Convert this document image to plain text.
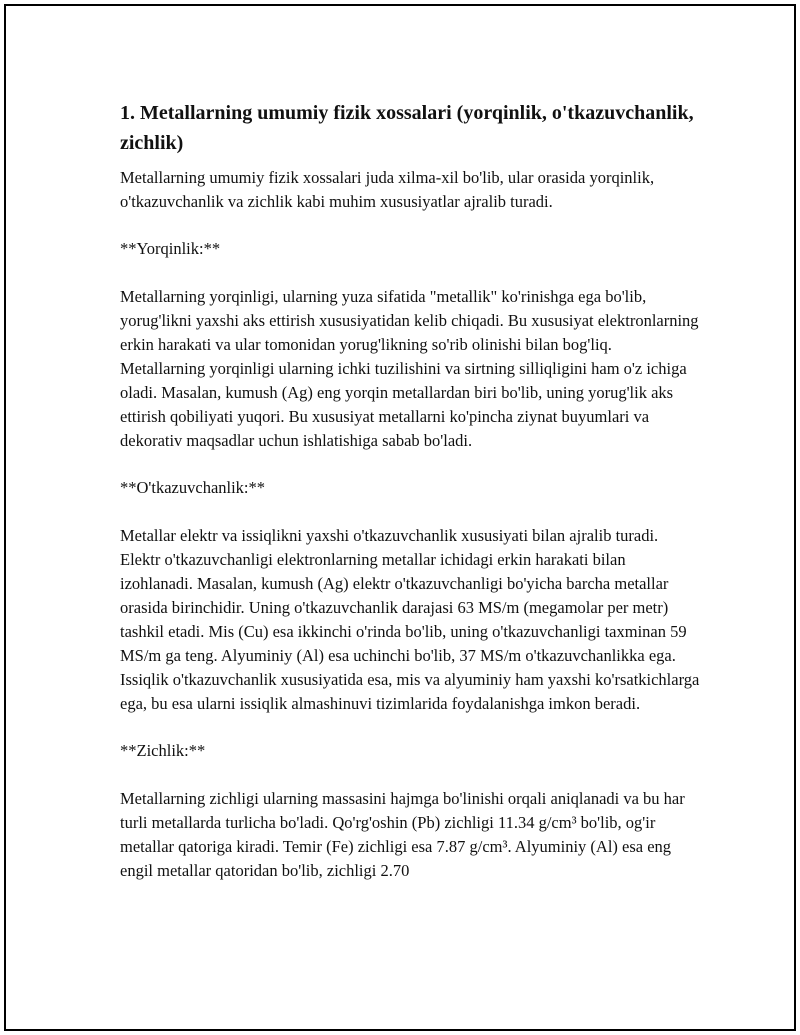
1. Metallarning umumiy fizik xossalari (yorqinlik, o'tkazuvchanlik, zichlik)

Metallarning umumiy fizik xossalari juda xilma-xil bo'lib, ular orasida yorqinlik, o'tkazuvchanlik va zichlik kabi muhim xususiyatlar ajralib turadi.

**Yorqinlik:**

Metallarning yorqinligi, ularning yuza sifatida "metallik" ko'rinishga ega bo'lib, yorug'likni yaxshi aks ettirish xususiyatidan kelib chiqadi. Bu xususiyat elektronlarning erkin harakati va ular tomonidan yorug'likning so'rib olinishi bilan bog'liq. Metallarning yorqinligi ularning ichki tuzilishini va sirtning silliqligini ham o'z ichiga oladi. Masalan, kumush (Ag) eng yorqin metallardan biri bo'lib, uning yorug'lik aks ettirish qobiliyati yuqori. Bu xususiyat metallarni ko'pincha ziynat buyumlari va dekorativ maqsadlar uchun ishlatishiga sabab bo'ladi.

**O'tkazuvchanlik:**

Metallar elektr va issiqlikni yaxshi o'tkazuvchanlik xususiyati bilan ajralib turadi. Elektr o'tkazuvchanligi elektronlarning metallar ichidagi erkin harakati bilan izohlanadi. Masalan, kumush (Ag) elektr o'tkazuvchanligi bo'yicha barcha metallar orasida birinchidir. Uning o'tkazuvchanlik darajasi 63 MS/m (megamolar per metr) tashkil etadi. Mis (Cu) esa ikkinchi o'rinda bo'lib, uning o'tkazuvchanligi taxminan 59 MS/m ga teng. Alyuminiy (Al) esa uchinchi bo'lib, 37 MS/m o'tkazuvchanlikka ega. Issiqlik o'tkazuvchanlik xususiyatida esa, mis va alyuminiy ham yaxshi ko'rsatkichlarga ega, bu esa ularni issiqlik almashinuvi tizimlarida foydalanishga imkon beradi.

**Zichlik:**

Metallarning zichligi ularning massasini hajmga bo'linishi orqali aniqlanadi va bu har turli metallarda turlicha bo'ladi. Qo'rg'oshin (Pb) zichligi 11.34 g/cm³ bo'lib, og'ir metallar qatoriga kiradi. Temir (Fe) zichligi esa 7.87 g/cm³. Alyuminiy (Al) esa eng engil metallar qatoridan bo'lib, zichligi 2.70
